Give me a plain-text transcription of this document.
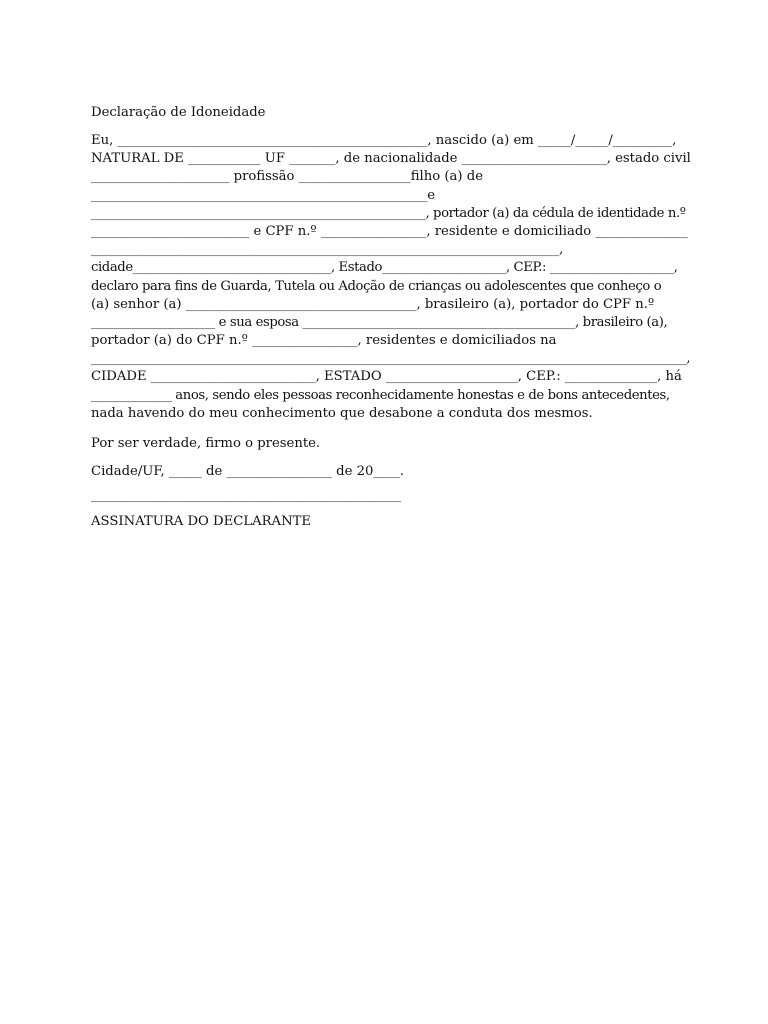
Declaração de Idoneidade
Eu, _______________________________________________, nascido (a) em _____/_____/_________,
NATURAL DE ___________ UF _______, de nacionalidade ______________________, estado civil
_____________________ profissão _________________filho (a) de
___________________________________________________e
______________________________________________________, portador (a) da cédula de identidade n.º
________________________ e CPF n.º ________________, residente e domiciliado ______________
_______________________________________________________________________,
cidade________________________________, Estado____________________, CEP.: ____________________,
declaro para fins de Guarda, Tutela ou Adoção de crianças ou adolescentes que conheço o
(a) senhor (a) ___________________________________, brasileiro (a), portador do CPF n.º
____________________ e sua esposa ____________________________________________, brasileiro (a),
portador (a) do CPF n.º ________________, residentes e domiciliados na
___________________________________________________________________________________________________,
CIDADE _________________________, ESTADO ____________________, CEP.: ______________, há
_____________ anos, sendo eles pessoas reconhecidamente honestas e de bons antecedentes,
nada havendo do meu conhecimento que desabone a conduta dos mesmos.
Por ser verdade, firmo o presente.
Cidade/UF, _____ de ________________ de 20____.
_______________________________________________
ASSINATURA DO DECLARANTE
